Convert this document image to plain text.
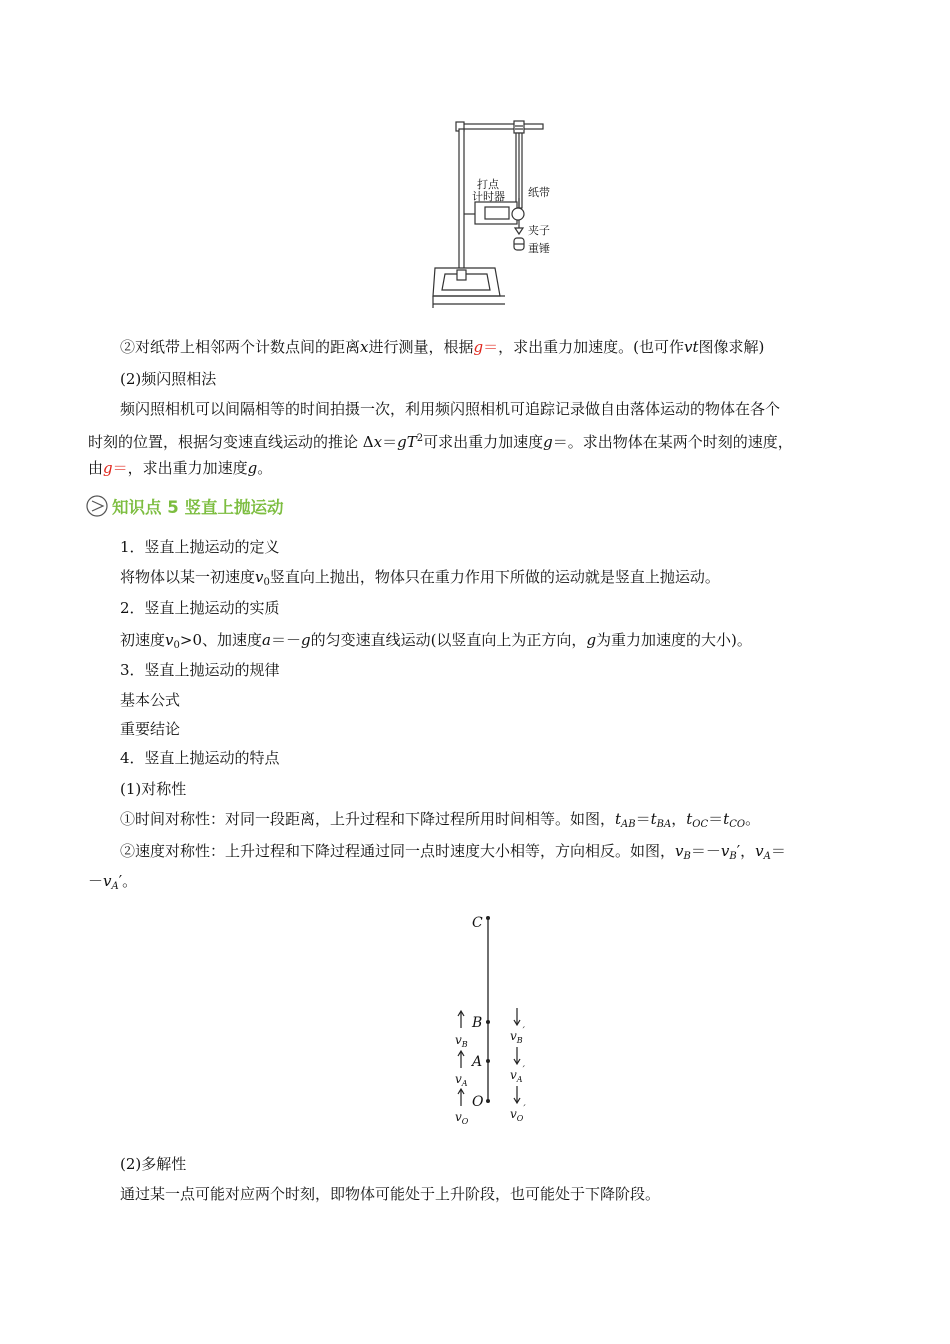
打点
计时器 纸带
夹子
重锤
②对纸带上相邻两个计数点间的距离x进行测量，根据g＝，求出重力加速度。(也可作vt图像求解)
(2)频闪照相法
频闪照相机可以间隔相等的时间拍摄一次，利用频闪照相机可追踪记录做自由落体运动的物体在各个
时刻的位置，根据匀变速直线运动的推论 $\Delta x=gT^2$可求出重力加速度g＝。求出物体在某两个时刻的速度，
由g＝，求出重力加速度g。
知识点 5 竖直上抛运动
1．竖直上抛运动的定义
将物体以某一初速度$v_0$竖直向上抛出，物体只在重力作用下所做的运动就是竖直上抛运动。
2．竖直上抛运动的实质
初速度$v_0>0$、加速度a＝－g的匀变速直线运动(以竖直向上为正方向，g为重力加速度的大小)。
3．竖直上抛运动的规律
基本公式
重要结论
4．竖直上抛运动的特点
(1)对称性
①时间对称性：对同一段距离，上升过程和下降过程所用时间相等。如图，$t_{AB}=t_{BA}$，$t_{OC}=t_{CO}$。
②速度对称性：上升过程和下降过程通过同一点时速度大小相等，方向相反。如图，$v_B=-v_B'$，$v_A=$
$-v_A'$。
C
B
A
O
$v_B$
$v_A$
$v_O$
$v_B'$
$v_A'$
$v_O'$
(2)多解性
通过某一点可能对应两个时刻，即物体可能处于上升阶段，也可能处于下降阶段。
